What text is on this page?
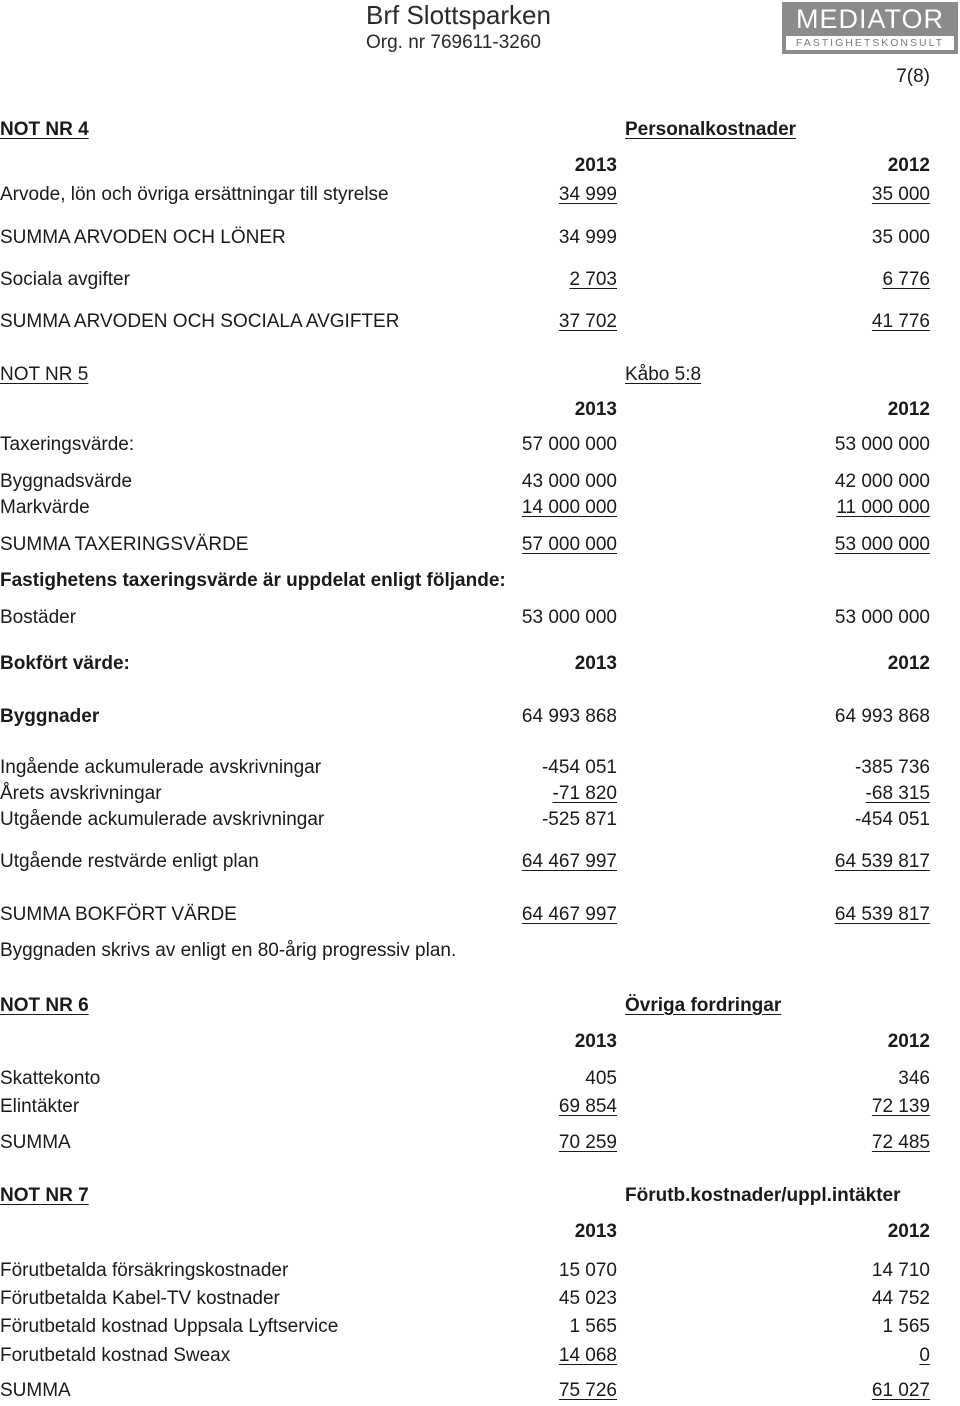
Brf Slottsparken
Org. nr 769611-3260
MEDIATOR
FASTIGHETSKONSULT
7(8)
NOT NR 4	Personalkostnader
2013	2012
Arvode, lön och övriga ersättningar till styrelse	34 999	35 000
SUMMA ARVODEN OCH LÖNER	34 999	35 000
Sociala avgifter	2 703	6 776
SUMMA ARVODEN OCH SOCIALA AVGIFTER	37 702	41 776
NOT NR 5	Kåbo 5:8
2013	2012
Taxeringsvärde:	57 000 000	53 000 000
Byggnadsvärde	43 000 000	42 000 000
Markvärde	14 000 000	11 000 000
SUMMA TAXERINGSVÄRDE	57 000 000	53 000 000
Fastighetens taxeringsvärde är uppdelat enligt följande:
Bostäder	53 000 000	53 000 000
Bokfört värde:	2013	2012
Byggnader	64 993 868	64 993 868
Ingående ackumulerade avskrivningar	-454 051	-385 736
Årets avskrivningar	-71 820	-68 315
Utgående ackumulerade avskrivningar	-525 871	-454 051
Utgående restvärde enligt plan	64 467 997	64 539 817
SUMMA BOKFÖRT VÄRDE	64 467 997	64 539 817
Byggnaden skrivs av enligt en 80-årig progressiv plan.
NOT NR 6	Övriga fordringar
2013	2012
Skattekonto	405	346
Elintäkter	69 854	72 139
SUMMA	70 259	72 485
NOT NR 7	Förutb.kostnader/uppl.intäkter
2013	2012
Förutbetalda försäkringskostnader	15 070	14 710
Förutbetalda Kabel-TV kostnader	45 023	44 752
Förutbetald kostnad Uppsala Lyftservice	1 565	1 565
Forutbetald kostnad Sweax	14 068	0
SUMMA	75 726	61 027
